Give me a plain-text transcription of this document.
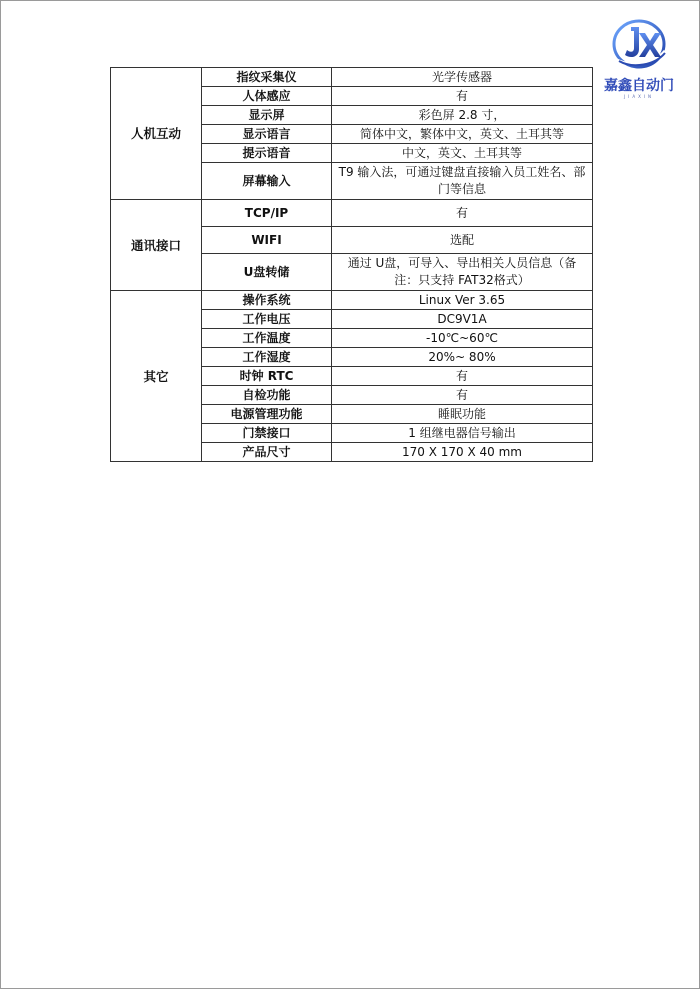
嘉鑫自动门
JIAXIN
人机互动	指纹采集仪	光学传感器
	人体感应	有
	显示屏	彩色屏 2.8 寸，
	显示语言	简体中文，繁体中文，英文、土耳其等
	提示语音	中文，英文、土耳其等
	屏幕输入	T9 输入法，可通过键盘直接输入员工姓名、部门等信息
通讯接口	TCP/IP	有
	WIFI	选配
	U盘转储	通过 U盘，可导入、导出相关人员信息（备注：只支持 FAT32格式）
其它	操作系统	Linux Ver 3.65
	工作电压	DC9V1A
	工作温度	-10℃~60℃
	工作湿度	20%~ 80%
	时钟 RTC	有
	自检功能	有
	电源管理功能	睡眠功能
	门禁接口	1 组继电器信号输出
	产品尺寸	170 X 170 X 40 mm
